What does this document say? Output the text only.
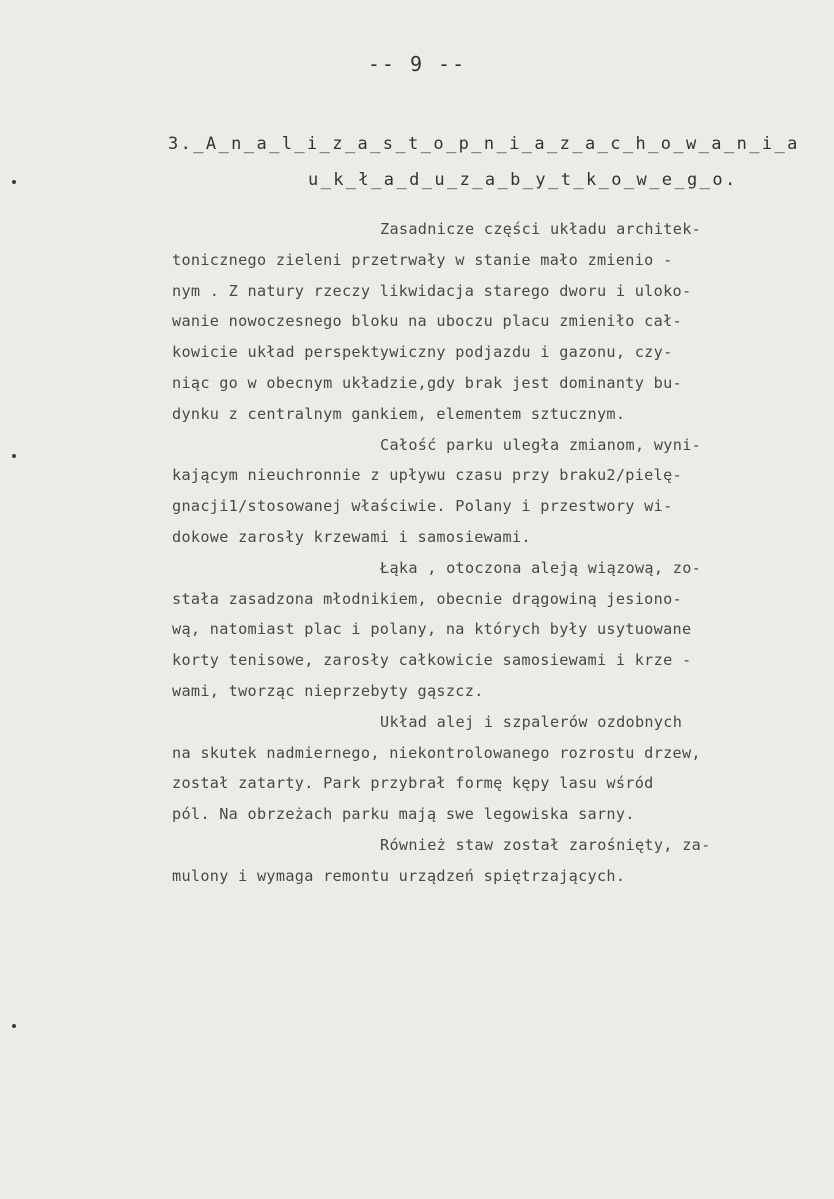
-- 9 --
3._A_n_a_l_i_z_a_s_t_o_p_n_i_a_z_a_c_h_o_w_a_n_i_a
u_k_ł_a_d_u_z_a_b_y_t_k_o_w_e_g_o.
Zasadnicze części układu architek-
tonicznego zieleni przetrwały w stanie mało zmienio -
nym . Z natury rzeczy likwidacja starego dworu i uloko-
wanie nowoczesnego bloku na uboczu placu zmieniło cał-
kowicie układ perspektywiczny podjazdu i gazonu, czy-
niąc go w obecnym układzie,gdy brak jest dominanty bu-
dynku z centralnym gankiem, elementem sztucznym.
Całość parku uległa zmianom, wyni-
kającym nieuchronnie z upływu czasu przy braku2/pielę-
gnacji1/stosowanej właściwie. Polany i przestwory wi-
dokowe zarosły krzewami i samosiewami.
Łąka , otoczona aleją wiązową, zo-
stała zasadzona młodnikiem, obecnie drągowiną jesiono-
wą, natomiast plac i polany, na których były usytuowane
korty tenisowe, zarosły całkowicie samosiewami i krze -
wami, tworząc nieprzebyty gąszcz.
Układ alej i szpalerów ozdobnych
na skutek nadmiernego, niekontrolowanego rozrostu drzew,
został zatarty. Park przybrał formę kępy lasu wśród
pól. Na obrzeżach parku mają swe legowiska sarny.
Również staw został zarośnięty, za-
mulony i wymaga remontu urządzeń spiętrzających.
